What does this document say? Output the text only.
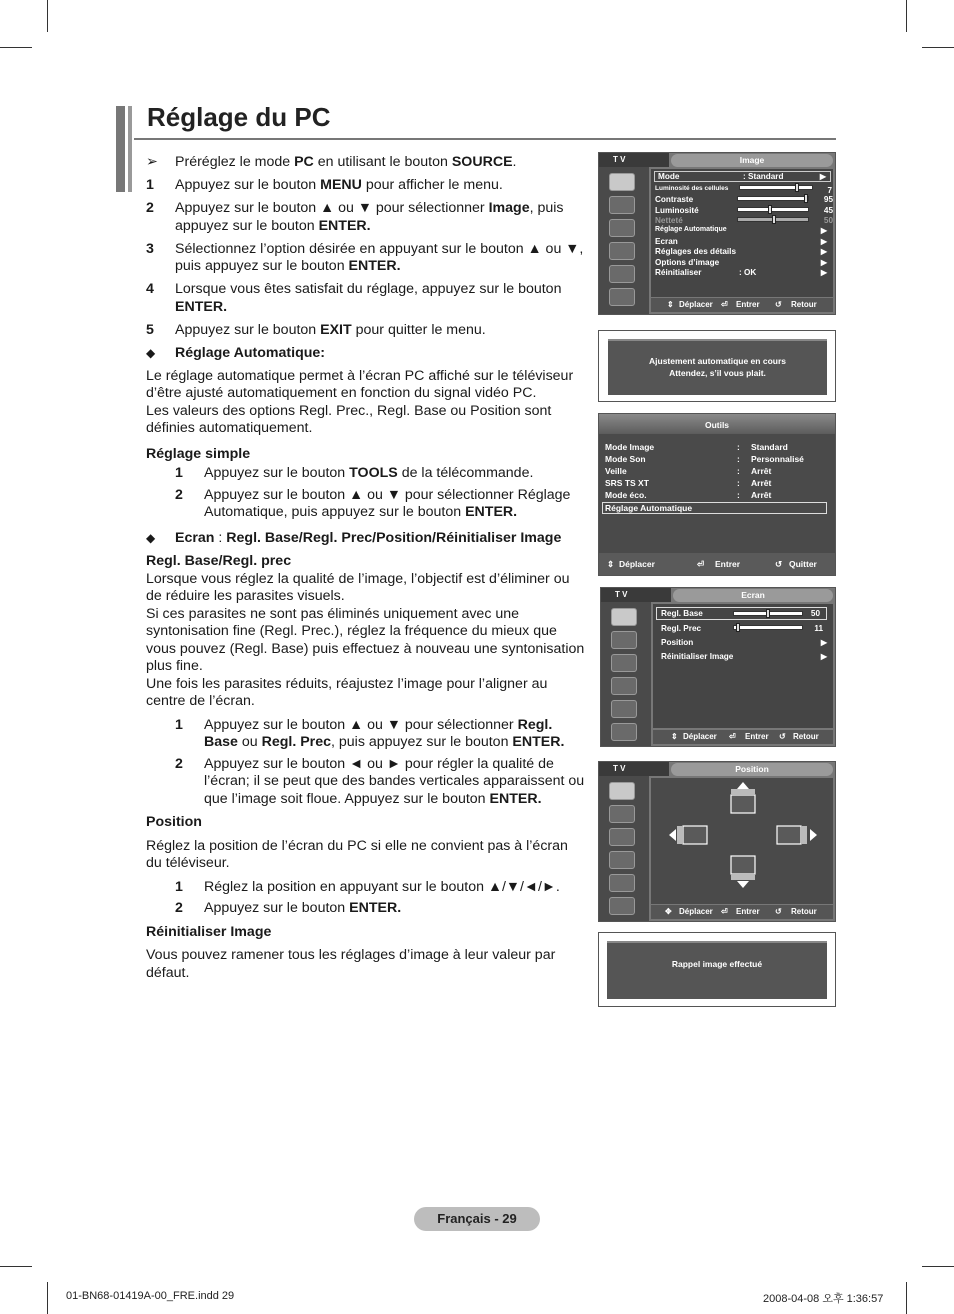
Réglage du PC
➢	Préréglez le mode PC en utilisant le bouton SOURCE.
1	Appuyez sur le bouton MENU pour afficher le menu.
2	Appuyez sur le bouton ▲ ou ▼ pour sélectionner Image, puis appuyez sur le bouton ENTER.
3	Sélectionnez l’option désirée en appuyant sur le bouton ▲ ou ▼, puis appuyez sur le bouton ENTER.
4	Lorsque vous êtes satisfait du réglage, appuyez sur le bouton ENTER.
5	Appuyez sur le bouton EXIT pour quitter le menu.
◆	Réglage Automatique:

Le réglage automatique permet à l’écran PC affiché sur le téléviseur d’être ajusté automatiquement en fonction du signal vidéo PC.

Les valeurs des options Regl. Prec., Regl. Base ou Position sont définies automatiquement.

Réglage simple

1	Appuyez sur le bouton TOOLS de la télécommande.
2	Appuyez sur le bouton ▲ ou ▼ pour sélectionner Réglage Automatique, puis appuyez sur le bouton ENTER.
◆	Ecran : Regl. Base/Regl. Prec/Position/Réinitialiser Image

Regl. Base/Regl. prec

Lorsque vous réglez la qualité de l’image, l’objectif est d’éliminer ou de réduire les parasites visuels.

Si ces parasites ne sont pas éliminés uniquement avec une syntonisation fine (Regl. Prec.), réglez la fréquence du mieux que vous pouvez (Regl. Base) puis effectuez à nouveau une syntonisation plus fine.

Une fois les parasites réduits, réajustez l’image pour l’aligner au centre de l’écran.

1	Appuyez sur le bouton ▲ ou ▼ pour sélectionner Regl. Base ou Regl. Prec, puis appuyez sur le bouton ENTER.
2	Appuyez sur le bouton ◄ ou ► pour régler la qualité de l’écran; il se peut que des bandes verticales apparaissent ou que l’image soit floue. Appuyez sur le bouton ENTER.

Position

Réglez la position de l’écran du PC si elle ne convient pas à l’écran du téléviseur.

1	Réglez la position en appuyant sur le bouton ▲/▼/◄/►.
2	Appuyez sur le bouton ENTER.

Réinitialiser Image

Vous pouvez ramener tous les réglages d’image à leur valeur par défaut.

T V	Image
Mode	: Standard	▶
Luminosité des cellules	7
Contraste	95
Luminosité	45
Netteté	50
Réglage Automatique	▶
Ecran	▶
Réglages des détails	▶
Options d’image	▶
Réinitialiser	: OK	▶
⇕ Déplacer ⏎ Entrer ↺ Retour
Ajustement automatique en cours
Attendez, s’il vous plait.
Outils
Mode Image	: Standard
Mode Son	: Personnalisé
Veille	: Arrêt
SRS TS XT	: Arrêt
Mode éco.	: Arrêt
Réglage Automatique
⇕ Déplacer	⏎ Entrer	↺ Quitter
T V	Ecran
Regl. Base	50
Regl. Prec	11
Position	▶
Réinitialiser Image	▶
⇕ Déplacer ⏎ Entrer ↺ Retour
T V	Position
✥ Déplacer ⏎ Entrer ↺ Retour
Rappel image effectué
Français - 29
01-BN68-01419A-00_FRE.indd 29	2008-04-08 오후 1:36:57
